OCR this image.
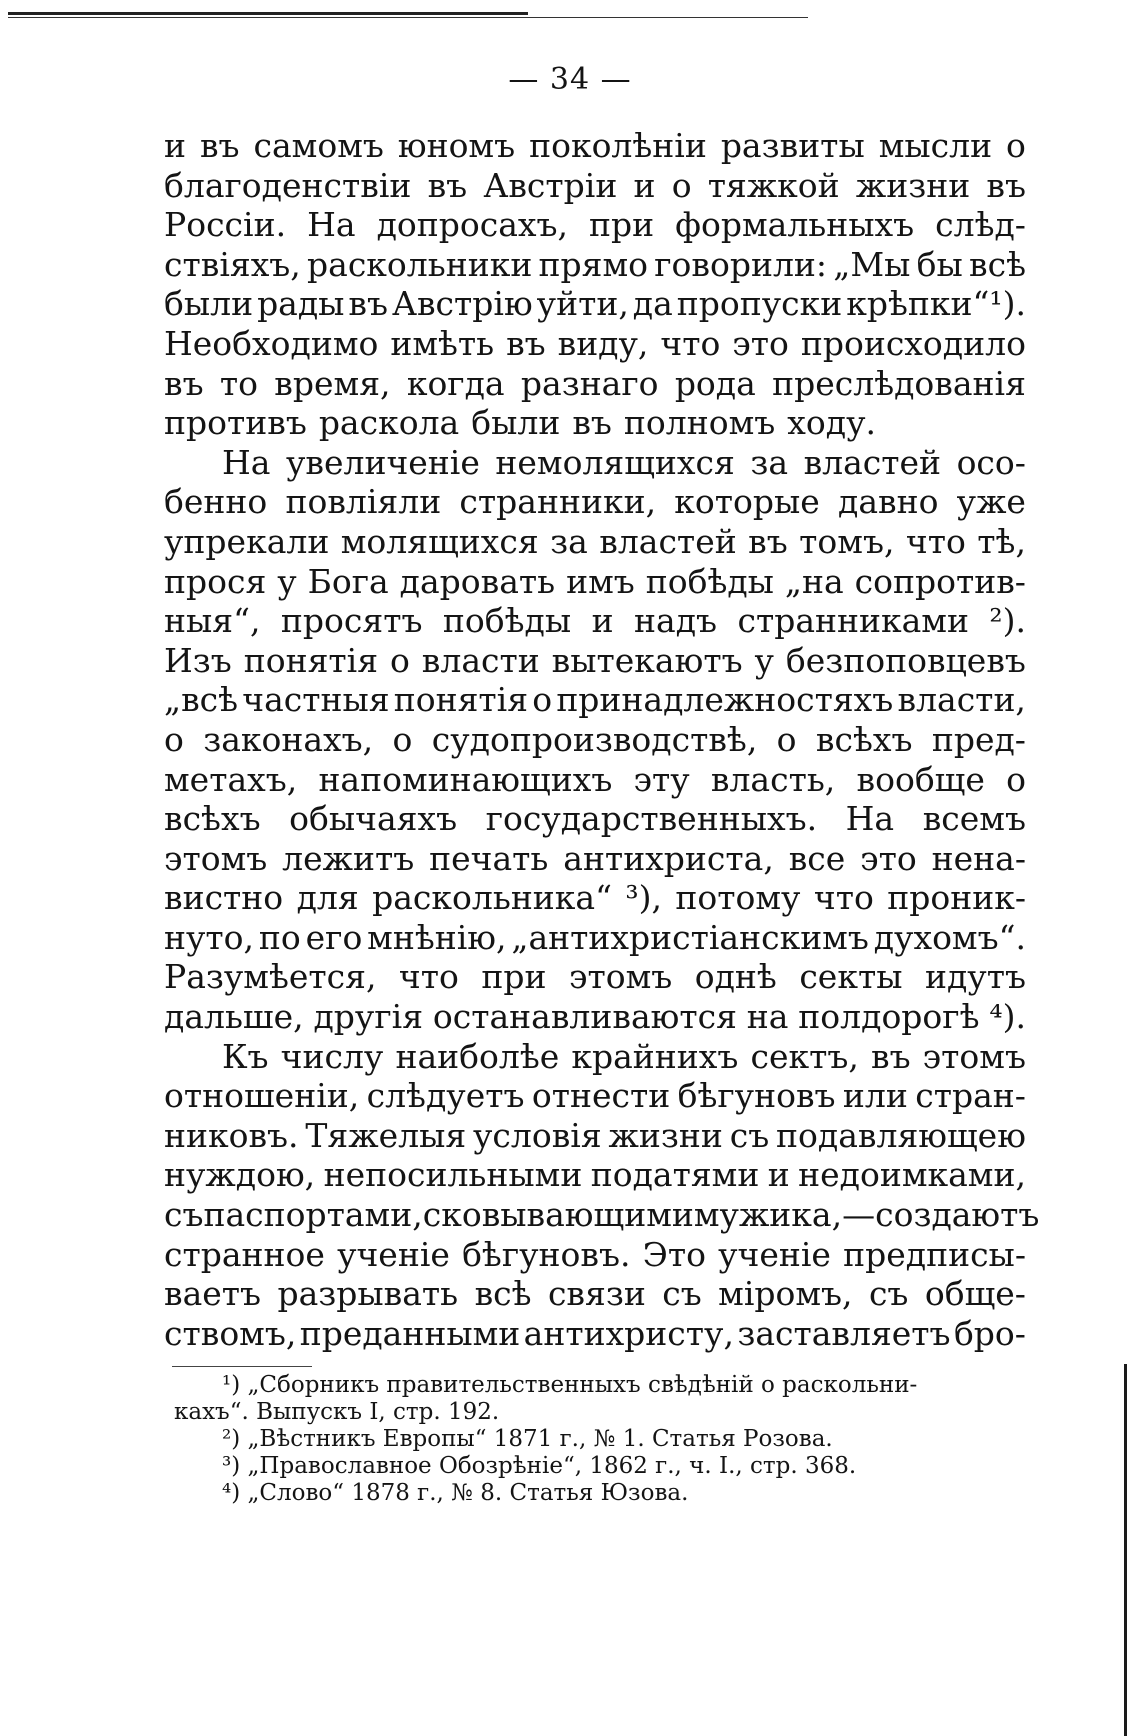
— 34 —
и въ самомъ юномъ поколѣнiи развиты мысли о
благоденствiи въ Австрiи и о тяжкой жизни въ
Россiи. На допросахъ, при формальныхъ слѣд-
ствiяхъ, раскольники прямо говорили: „Мы бы всѣ
были рады въ Австрiю уйти, да пропуски крѣпки“¹).
Необходимо имѣть въ виду, что это происходило
въ то время, когда разнаго рода преслѣдованiя
противъ раскола были въ полномъ ходу.
На увеличенiе немолящихся за властей осо-
бенно повлiяли странники, которые давно уже
упрекали молящихся за властей въ томъ, что тѣ,
прося у Бога даровать имъ побѣды „на сопротив-
ныя“, просятъ побѣды и надъ странниками ²).
Изъ понятiя о власти вытекаютъ у безпоповцевъ
„всѣ частныя понятiя о принадлежностяхъ власти,
о законахъ, о судопроизводствѣ, о всѣхъ пред-
метахъ, напоминающихъ эту власть, вообще о
всѣхъ обычаяхъ государственныхъ. На всемъ
этомъ лежитъ печать антихриста, все это нена-
вистно для раскольника“ ³), потому что проник-
нуто, по его мнѣнiю, „антихристiанскимъ духомъ“.
Разумѣется, что при этомъ однѣ секты идутъ
дальше, другiя останавливаются на полдорогѣ ⁴).
Къ числу наиболѣе крайнихъ сектъ, въ этомъ
отношенiи, слѣдуетъ отнести бѣгуновъ или стран-
никовъ. Тяжелыя условiя жизни съ подавляющею
нуждою, непосильными податями и недоимками,
съ паспортами, сковывающими мужика, — создаютъ
странное ученiе бѣгуновъ. Это ученiе предписы-
ваетъ разрывать всѣ связи съ мiромъ, съ обще-
ствомъ, преданными антихристу, заставляетъ бро-
¹) „Сборникъ правительственныхъ свѣдѣнiй о раскольни-
кахъ“. Выпускъ I, стр. 192.
²) „Вѣстникъ Европы“ 1871 г., № 1. Статья Розова.
³) „Православное Обозрѣнiе“, 1862 г., ч. I., стр. 368.
⁴) „Слово“ 1878 г., № 8. Статья Юзова.
